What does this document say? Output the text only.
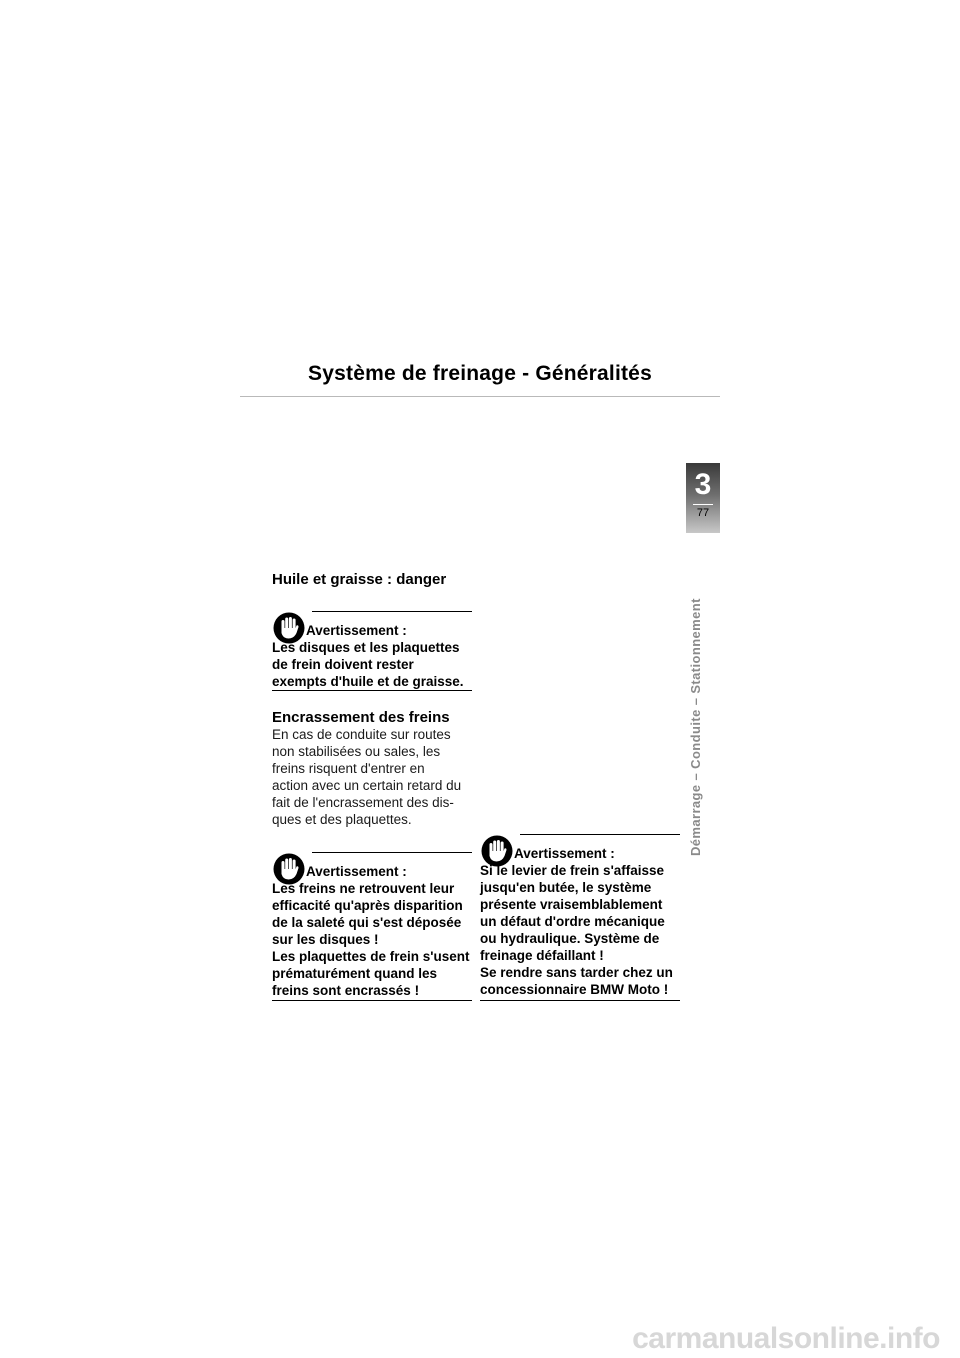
Système de freinage - Généralités
3
77
Démarrage – Conduite – Stationnement
Huile et graisse : danger
Avertissement :
Les disques et les plaquettes
de frein doivent rester
exempts d'huile et de graisse.
Encrassement des freins
En cas de conduite sur routes
non stabilisées ou sales, les
freins risquent d'entrer en
action avec un certain retard du
fait de l'encrassement des dis-
ques et des plaquettes.
Avertissement :
Les freins ne retrouvent leur
efficacité qu'après disparition
de la saleté qui s'est déposée
sur les disques !
Les plaquettes de frein s'usent
prématurément quand les
freins sont encrassés !
Avertissement :
Si le levier de frein s'affaisse
jusqu'en butée, le système
présente vraisemblablement
un défaut d'ordre mécanique
ou hydraulique. Système de
freinage défaillant !
Se rendre sans tarder chez un
concessionnaire BMW Moto !
carmanualsonline.info
